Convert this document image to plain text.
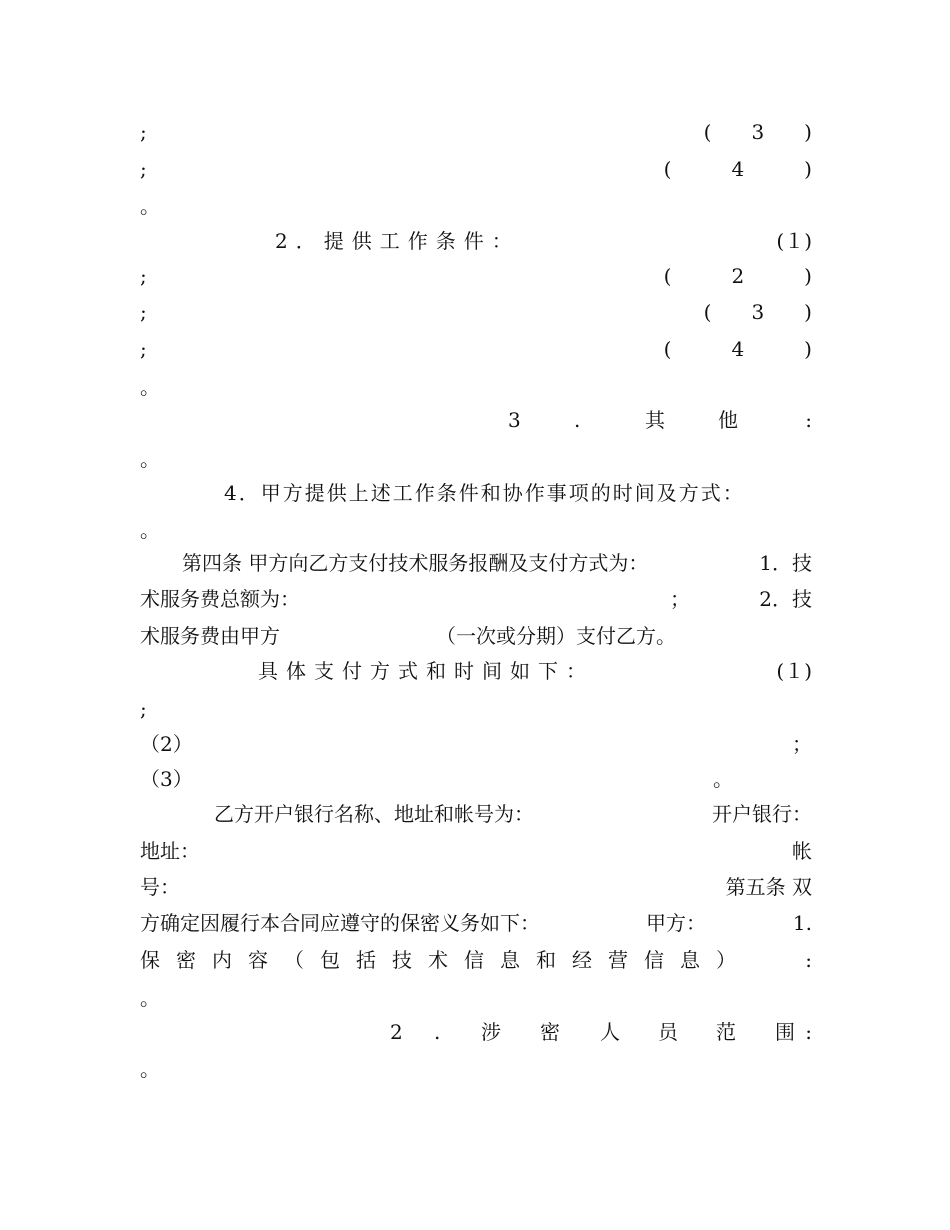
;	(　　3　　)
;	(　　　4　　　)
。
2．提供工作条件：	(１)
;	(　　　2　　　)
;	(　　3　　)
;	(　　　4　　　)
。
3	.	其	他	:
。
4．甲方提供上述工作条件和协作事项的时间及方式：
。
第四条 甲方向乙方支付技术服务报酬及支付方式为：	1．技
术服务费总额为：	；	2．技
术服务费由甲方	（一次或分期）支付乙方。
具体支付方式和时间如下：	(１)
;
（2）	；
（3）	。
乙方开户银行名称、地址和帐号为：	开户银行：
地址：	帐
号：	第五条 双
方确定因履行本合同应遵守的保密义务如下：	甲方：	1.
保密内容（包括技术信息和经营信息）	:
。
2 . 涉 密 人 员 范 围 :
。
